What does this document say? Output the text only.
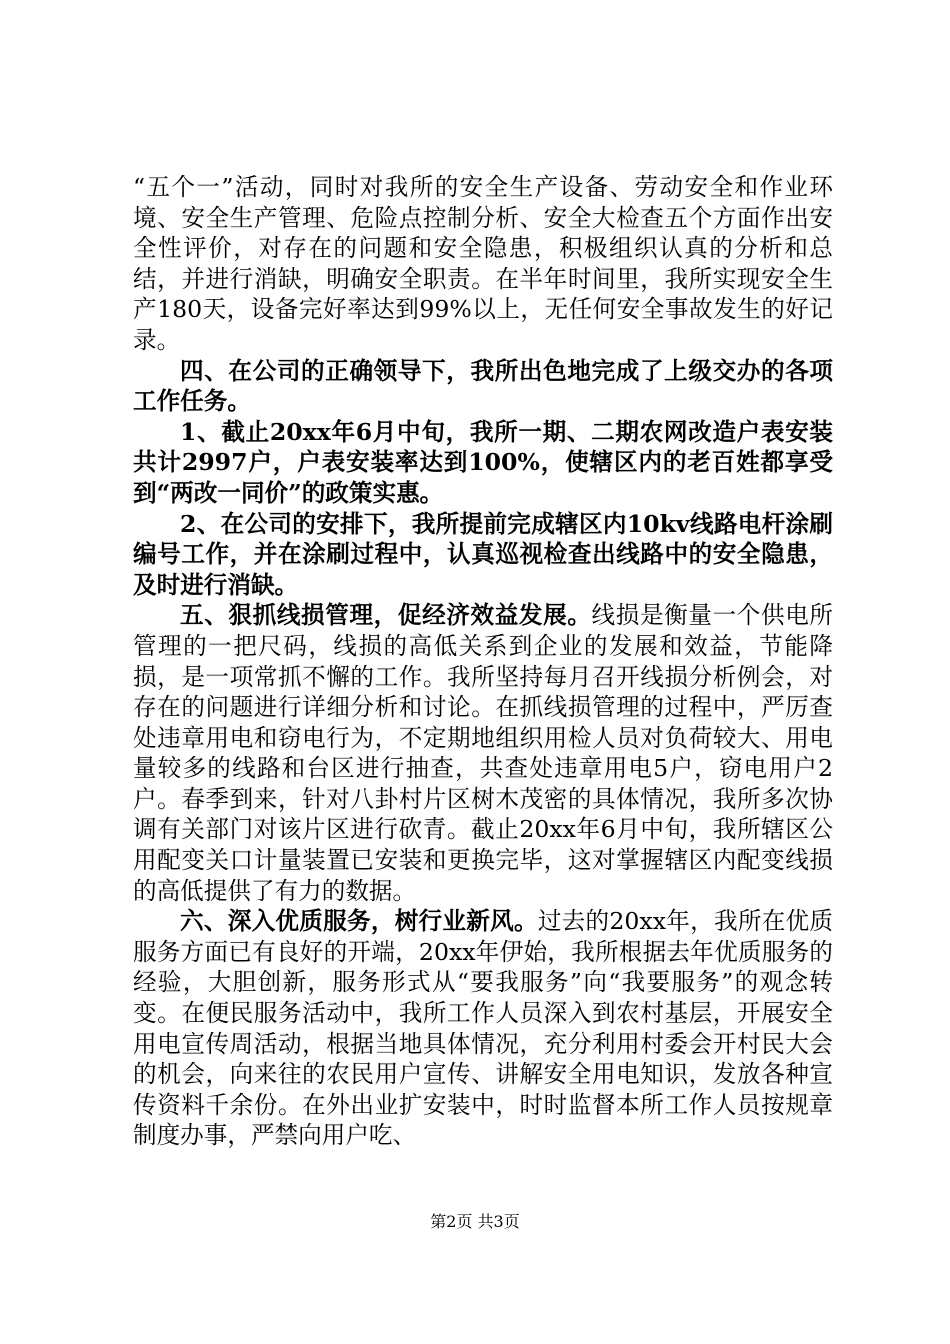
“五个一”活动，同时对我所的安全生产设备、劳动安全和作业环境、安全生产管理、危险点控制分析、安全大检查五个方面作出安全性评价，对存在的问题和安全隐患，积极组织认真的分析和总结，并进行消缺，明确安全职责。在半年时间里，我所实现安全生产180天，设备完好率达到99%以上，无任何安全事故发生的好记录。

四、在公司的正确领导下，我所出色地完成了上级交办的各项工作任务。

1、截止20xx年6月中旬，我所一期、二期农网改造户表安装共计2997户，户表安装率达到100%，使辖区内的老百姓都享受到“两改一同价”的政策实惠。

2、在公司的安排下，我所提前完成辖区内10kv线路电杆涂刷编号工作，并在涂刷过程中，认真巡视检查出线路中的安全隐患，及时进行消缺。

五、狠抓线损管理，促经济效益发展。线损是衡量一个供电所管理的一把尺码，线损的高低关系到企业的发展和效益，节能降损，是一项常抓不懈的工作。我所坚持每月召开线损分析例会，对存在的问题进行详细分析和讨论。在抓线损管理的过程中，严厉查处违章用电和窃电行为，不定期地组织用检人员对负荷较大、用电量较多的线路和台区进行抽查，共查处违章用电5户，窃电用户2户。春季到来，针对八卦村片区树木茂密的具体情况，我所多次协调有关部门对该片区进行砍青。截止20xx年6月中旬，我所辖区公用配变关口计量装置已安装和更换完毕，这对掌握辖区内配变线损的高低提供了有力的数据。

六、深入优质服务，树行业新风。过去的20xx年，我所在优质服务方面已有良好的开端，20xx年伊始，我所根据去年优质服务的经验，大胆创新，服务形式从“要我服务”向“我要服务”的观念转变。在便民服务活动中，我所工作人员深入到农村基层，开展安全用电宣传周活动，根据当地具体情况，充分利用村委会开村民大会的机会，向来往的农民用户宣传、讲解安全用电知识，发放各种宣传资料千余份。在外出业扩安装中，时时监督本所工作人员按规章制度办事，严禁向用户吃、

第2页 共3页
